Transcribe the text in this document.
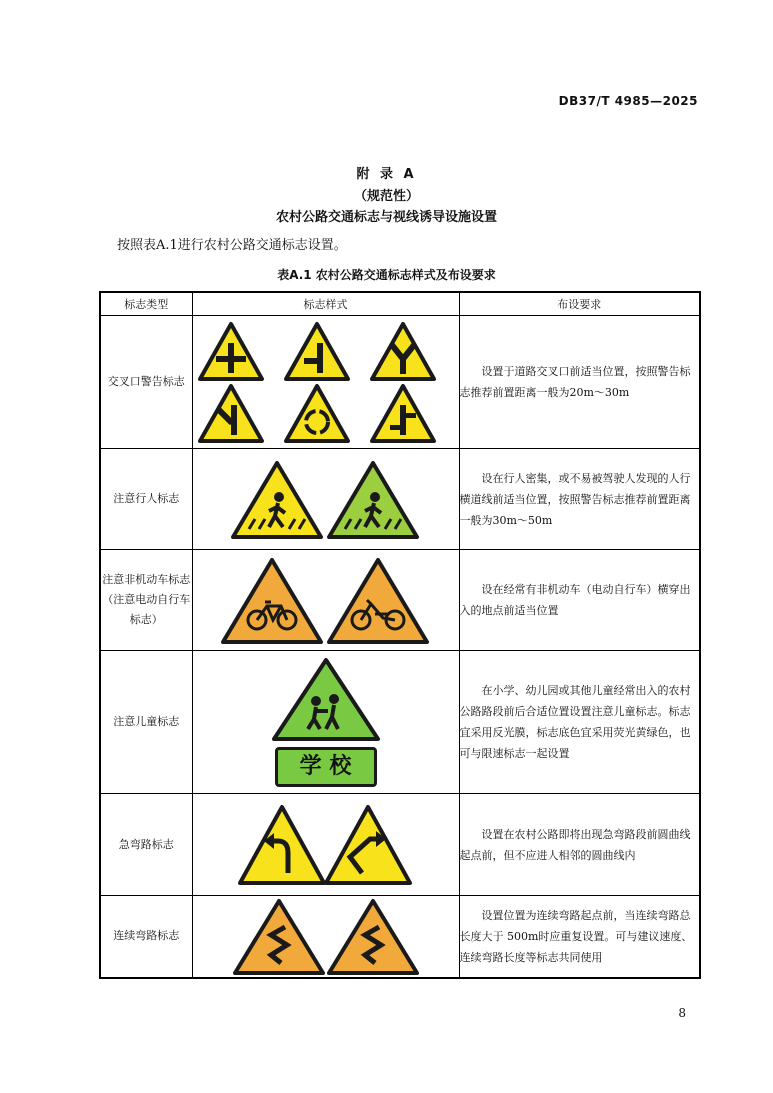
DB37/T 4985—2025
附 录 A
（规范性）
农村公路交通标志与视线诱导设施设置
按照表A.1进行农村公路交通标志设置。
表A.1 农村公路交通标志样式及布设要求
标志类型	标志样式	布设要求
交叉口警告标志		设置于道路交叉口前适当位置，按照警告标志推荐前置距离一般为20m～30m
注意行人标志		设在行人密集，或不易被驾驶人发现的人行横道线前适当位置，按照警告标志推荐前置距离一般为30m～50m
注意非机动车标志（注意电动自行车标志）		设在经常有非机动车（电动自行车）横穿出入的地点前适当位置
注意儿童标志	学 校	在小学、幼儿园或其他儿童经常出入的农村公路路段前后合适位置设置注意儿童标志。标志宜采用反光膜，标志底色宜采用荧光黄绿色，也可与限速标志一起设置
急弯路标志		设置在农村公路即将出现急弯路段前圆曲线起点前，但不应进人相邻的圆曲线内
连续弯路标志		设置位置为连续弯路起点前，当连续弯路总长度大于 500m时应重复设置。可与建议速度、连续弯路长度等标志共同使用
8
